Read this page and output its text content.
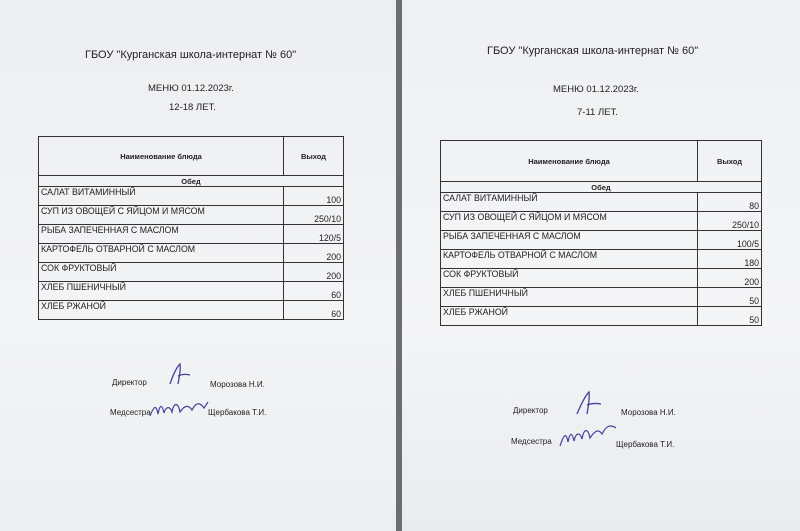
ГБОУ "Курганская школа-интернат № 60"
МЕНЮ 01.12.2023г.
12-18 ЛЕТ.
Наименование блюда	Выход
Обед	
САЛАТ ВИТАМИННЫЙ	100
СУП ИЗ ОВОЩЕЙ С ЯЙЦОМ И МЯСОМ	250/10
РЫБА ЗАПЕЧЕННАЯ С МАСЛОМ	120/5
КАРТОФЕЛЬ ОТВАРНОЙ С МАСЛОМ	200
СОК ФРУКТОВЫЙ	200
ХЛЕБ ПШЕНИЧНЫЙ	60
ХЛЕБ РЖАНОЙ	60
Директор	Морозова Н.И.
Медсестра	Щербакова Т.И.
ГБОУ "Курганская школа-интернат № 60"
МЕНЮ 01.12.2023г.
7-11 ЛЕТ.
Наименование блюда	Выход
Обед	
САЛАТ ВИТАМИННЫЙ	80
СУП ИЗ ОВОЩЕЙ С ЯЙЦОМ И МЯСОМ	250/10
РЫБА ЗАПЕЧЕННАЯ С МАСЛОМ	100/5
КАРТОФЕЛЬ ОТВАРНОЙ С МАСЛОМ	180
СОК ФРУКТОВЫЙ	200
ХЛЕБ ПШЕНИЧНЫЙ	50
ХЛЕБ РЖАНОЙ	50
Директор	Морозова Н.И.
Медсестра	Щербакова Т.И.
